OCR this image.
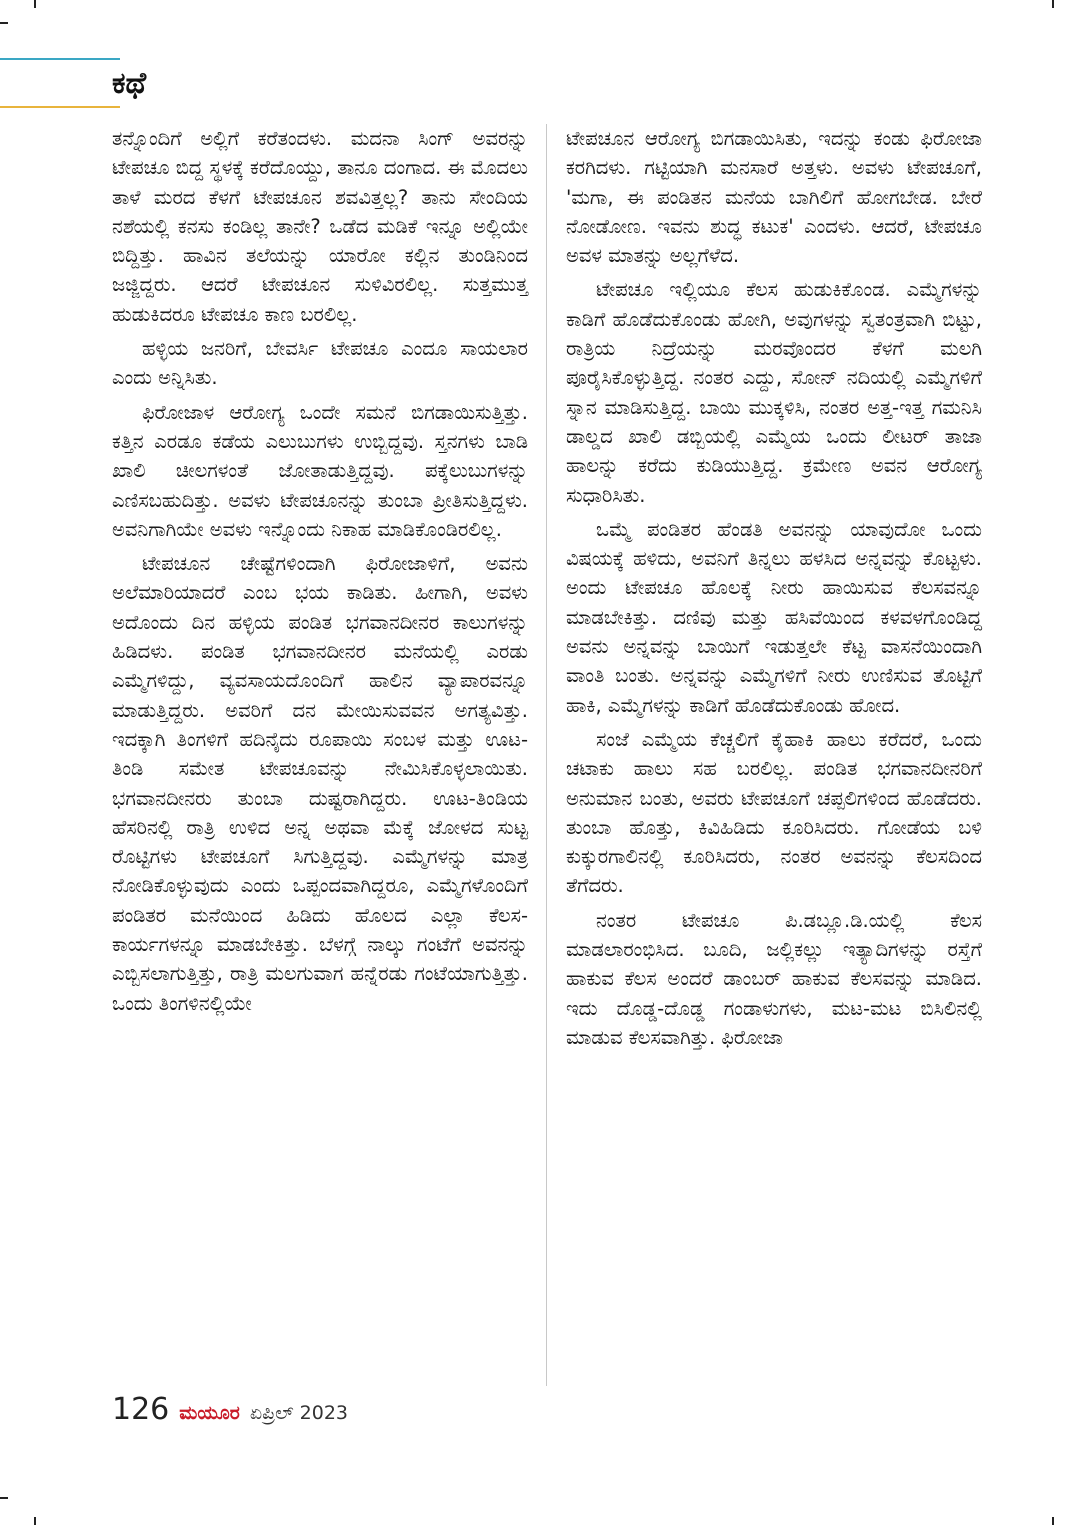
ಕಥೆ

ತನ್ನೊಂದಿಗೆ ಅಲ್ಲಿಗೆ ಕರೆತಂದಳು. ಮದನಾ ಸಿಂಗ್ ಅವರನ್ನು ಟೇಪಚೂ ಬಿದ್ದ ಸ್ಥಳಕ್ಕೆ ಕರೆದೊಯ್ದು, ತಾನೂ ದಂಗಾದ. ಈ ಮೊದಲು ತಾಳೆ ಮರದ ಕೆಳಗೆ ಟೇಪಚೂನ ಶವವಿತ್ತಲ್ಲ? ತಾನು ಸೇಂದಿಯ ನಶೆಯಲ್ಲಿ ಕನಸು ಕಂಡಿಲ್ಲ ತಾನೇ? ಒಡೆದ ಮಡಿಕೆ ಇನ್ನೂ ಅಲ್ಲಿಯೇ ಬಿದ್ದಿತ್ತು. ಹಾವಿನ ತಲೆಯನ್ನು ಯಾರೋ ಕಲ್ಲಿನ ತುಂಡಿನಿಂದ ಜಜ್ಜಿದ್ದರು. ಆದರೆ ಟೇಪಚೂನ ಸುಳಿವಿರಲಿಲ್ಲ. ಸುತ್ತಮುತ್ತ ಹುಡುಕಿದರೂ ಟೇಪಚೂ ಕಾಣ ಬರಲಿಲ್ಲ.

ಹಳ್ಳಿಯ ಜನರಿಗೆ, ಬೇವರ್ಸಿ ಟೇಪಚೂ ಎಂದೂ ಸಾಯಲಾರ ಎಂದು ಅನ್ನಿಸಿತು.

ಫಿರೋಜಾಳ ಆರೋಗ್ಯ ಒಂದೇ ಸಮನೆ ಬಿಗಡಾಯಿಸುತ್ತಿತ್ತು. ಕತ್ತಿನ ಎರಡೂ ಕಡೆಯ ಎಲುಬುಗಳು ಉಬ್ಬಿದ್ದವು. ಸ್ತನಗಳು ಬಾಡಿ ಖಾಲಿ ಚೀಲಗಳಂತೆ ಜೋತಾಡುತ್ತಿದ್ದವು. ಪಕ್ಕೆಲುಬುಗಳನ್ನು ಎಣಿಸಬಹುದಿತ್ತು. ಅವಳು ಟೇಪಚೂನನ್ನು ತುಂಬಾ ಪ್ರೀತಿಸುತ್ತಿದ್ದಳು. ಅವನಿಗಾಗಿಯೇ ಅವಳು ಇನ್ನೊಂದು ನಿಕಾಹ ಮಾಡಿಕೊಂಡಿರಲಿಲ್ಲ.

ಟೇಪಚೂನ ಚೇಷ್ಟೆಗಳಿಂದಾಗಿ ಫಿರೋಜಾಳಿಗೆ, ಅವನು ಅಲೆಮಾರಿಯಾದರೆ ಎಂಬ ಭಯ ಕಾಡಿತು. ಹೀಗಾಗಿ, ಅವಳು ಅದೊಂದು ದಿನ ಹಳ್ಳಿಯ ಪಂಡಿತ ಭಗವಾನದೀನರ ಕಾಲುಗಳನ್ನು ಹಿಡಿದಳು. ಪಂಡಿತ ಭಗವಾನದೀನರ ಮನೆಯಲ್ಲಿ ಎರಡು ಎಮ್ಮೆಗಳಿದ್ದು, ವ್ಯವಸಾಯದೊಂದಿಗೆ ಹಾಲಿನ ವ್ಯಾಪಾರವನ್ನೂ ಮಾಡುತ್ತಿದ್ದರು. ಅವರಿಗೆ ದನ ಮೇಯಿಸುವವನ ಅಗತ್ಯವಿತ್ತು. ಇದಕ್ಕಾಗಿ ತಿಂಗಳಿಗೆ ಹದಿನೈದು ರೂಪಾಯಿ ಸಂಬಳ ಮತ್ತು ಊಟ-ತಿಂಡಿ ಸಮೇತ ಟೇಪಚೂವನ್ನು ನೇಮಿಸಿಕೊಳ್ಳಲಾಯಿತು. ಭಗವಾನದೀನರು ತುಂಬಾ ದುಷ್ಟರಾಗಿದ್ದರು. ಊಟ-ತಿಂಡಿಯ ಹೆಸರಿನಲ್ಲಿ ರಾತ್ರಿ ಉಳಿದ ಅನ್ನ ಅಥವಾ ಮೆಕ್ಕೆ ಜೋಳದ ಸುಟ್ಟ ರೊಟ್ಟಿಗಳು ಟೇಪಚೂಗೆ ಸಿಗುತ್ತಿದ್ದವು. ಎಮ್ಮೆಗಳನ್ನು ಮಾತ್ರ ನೋಡಿಕೊಳ್ಳುವುದು ಎಂದು ಒಪ್ಪಂದವಾಗಿದ್ದರೂ, ಎಮ್ಮೆಗಳೊಂದಿಗೆ ಪಂಡಿತರ ಮನೆಯಿಂದ ಹಿಡಿದು ಹೊಲದ ಎಲ್ಲಾ ಕೆಲಸ-ಕಾರ್ಯಗಳನ್ನೂ ಮಾಡಬೇಕಿತ್ತು. ಬೆಳಗ್ಗೆ ನಾಲ್ಕು ಗಂಟೆಗೆ ಅವನನ್ನು ಎಬ್ಬಿಸಲಾಗುತ್ತಿತ್ತು, ರಾತ್ರಿ ಮಲಗುವಾಗ ಹನ್ನೆರಡು ಗಂಟೆಯಾಗುತ್ತಿತ್ತು. ಒಂದು ತಿಂಗಳಿನಲ್ಲಿಯೇ

ಟೇಪಚೂನ ಆರೋಗ್ಯ ಬಿಗಡಾಯಿಸಿತು, ಇದನ್ನು ಕಂಡು ಫಿರೋಜಾ ಕರಗಿದಳು. ಗಟ್ಟಿಯಾಗಿ ಮನಸಾರೆ ಅತ್ತಳು. ಅವಳು ಟೇಪಚೂಗೆ, 'ಮಗಾ, ಈ ಪಂಡಿತನ ಮನೆಯ ಬಾಗಿಲಿಗೆ ಹೋಗಬೇಡ. ಬೇರೆ ನೋಡೋಣ. ಇವನು ಶುದ್ಧ ಕಟುಕ' ಎಂದಳು. ಆದರೆ, ಟೇಪಚೂ ಅವಳ ಮಾತನ್ನು ಅಲ್ಲಗೆಳೆದ.

ಟೇಪಚೂ ಇಲ್ಲಿಯೂ ಕೆಲಸ ಹುಡುಕಿಕೊಂಡ. ಎಮ್ಮೆಗಳನ್ನು ಕಾಡಿಗೆ ಹೊಡೆದುಕೊಂಡು ಹೋಗಿ, ಅವುಗಳನ್ನು ಸ್ವತಂತ್ರವಾಗಿ ಬಿಟ್ಟು, ರಾತ್ರಿಯ ನಿದ್ರೆಯನ್ನು ಮರವೊಂದರ ಕೆಳಗೆ ಮಲಗಿ ಪೂರೈಸಿಕೊಳ್ಳುತ್ತಿದ್ದ. ನಂತರ ಎದ್ದು, ಸೋನ್ ನದಿಯಲ್ಲಿ ಎಮ್ಮೆಗಳಿಗೆ ಸ್ನಾನ ಮಾಡಿಸುತ್ತಿದ್ದ. ಬಾಯಿ ಮುಕ್ಕಳಿಸಿ, ನಂತರ ಅತ್ತ-ಇತ್ತ ಗಮನಿಸಿ ಡಾಲ್ಡದ ಖಾಲಿ ಡಬ್ಬಿಯಲ್ಲಿ ಎಮ್ಮೆಯ ಒಂದು ಲೀಟರ್ ತಾಜಾ ಹಾಲನ್ನು ಕರೆದು ಕುಡಿಯುತ್ತಿದ್ದ. ಕ್ರಮೇಣ ಅವನ ಆರೋಗ್ಯ ಸುಧಾರಿಸಿತು.

ಒಮ್ಮೆ ಪಂಡಿತರ ಹೆಂಡತಿ ಅವನನ್ನು ಯಾವುದೋ ಒಂದು ವಿಷಯಕ್ಕೆ ಹಳಿದು, ಅವನಿಗೆ ತಿನ್ನಲು ಹಳಸಿದ ಅನ್ನವನ್ನು ಕೊಟ್ಟಳು. ಅಂದು ಟೇಪಚೂ ಹೊಲಕ್ಕೆ ನೀರು ಹಾಯಿಸುವ ಕೆಲಸವನ್ನೂ ಮಾಡಬೇಕಿತ್ತು. ದಣಿವು ಮತ್ತು ಹಸಿವೆಯಿಂದ ಕಳವಳಗೊಂಡಿದ್ದ ಅವನು ಅನ್ನವನ್ನು ಬಾಯಿಗೆ ಇಡುತ್ತಲೇ ಕೆಟ್ಟ ವಾಸನೆಯಿಂದಾಗಿ ವಾಂತಿ ಬಂತು. ಅನ್ನವನ್ನು ಎಮ್ಮೆಗಳಿಗೆ ನೀರು ಉಣಿಸುವ ತೊಟ್ಟಿಗೆ ಹಾಕಿ, ಎಮ್ಮೆಗಳನ್ನು ಕಾಡಿಗೆ ಹೊಡೆದುಕೊಂಡು ಹೋದ.

ಸಂಜೆ ಎಮ್ಮೆಯ ಕೆಚ್ಚಲಿಗೆ ಕೈಹಾಕಿ ಹಾಲು ಕರೆದರೆ, ಒಂದು ಚಟಾಕು ಹಾಲು ಸಹ ಬರಲಿಲ್ಲ. ಪಂಡಿತ ಭಗವಾನದೀನರಿಗೆ ಅನುಮಾನ ಬಂತು, ಅವರು ಟೇಪಚೂಗೆ ಚಪ್ಪಲಿಗಳಿಂದ ಹೊಡೆದರು. ತುಂಬಾ ಹೊತ್ತು, ಕಿವಿಹಿಡಿದು ಕೂರಿಸಿದರು. ಗೋಡೆಯ ಬಳಿ ಕುಕ್ಕುರಗಾಲಿನಲ್ಲಿ ಕೂರಿಸಿದರು, ನಂತರ ಅವನನ್ನು ಕೆಲಸದಿಂದ ತೆಗೆದರು.

ನಂತರ ಟೇಪಚೂ ಪಿ.ಡಬ್ಲೂ.ಡಿ.ಯಲ್ಲಿ ಕೆಲಸ ಮಾಡಲಾರಂಭಿಸಿದ. ಬೂದಿ, ಜಲ್ಲಿಕಲ್ಲು ಇತ್ಯಾದಿಗಳನ್ನು ರಸ್ತೆಗೆ ಹಾಕುವ ಕೆಲಸ ಅಂದರೆ ಡಾಂಬರ್ ಹಾಕುವ ಕೆಲಸವನ್ನು ಮಾಡಿದ. ಇದು ದೊಡ್ಡ-ದೊಡ್ಡ ಗಂಡಾಳುಗಳು, ಮಟ-ಮಟ ಬಿಸಿಲಿನಲ್ಲಿ ಮಾಡುವ ಕೆಲಸವಾಗಿತ್ತು. ಫಿರೋಜಾ

126 ಮಯೂರ ಏಪ್ರಿಲ್ 2023
